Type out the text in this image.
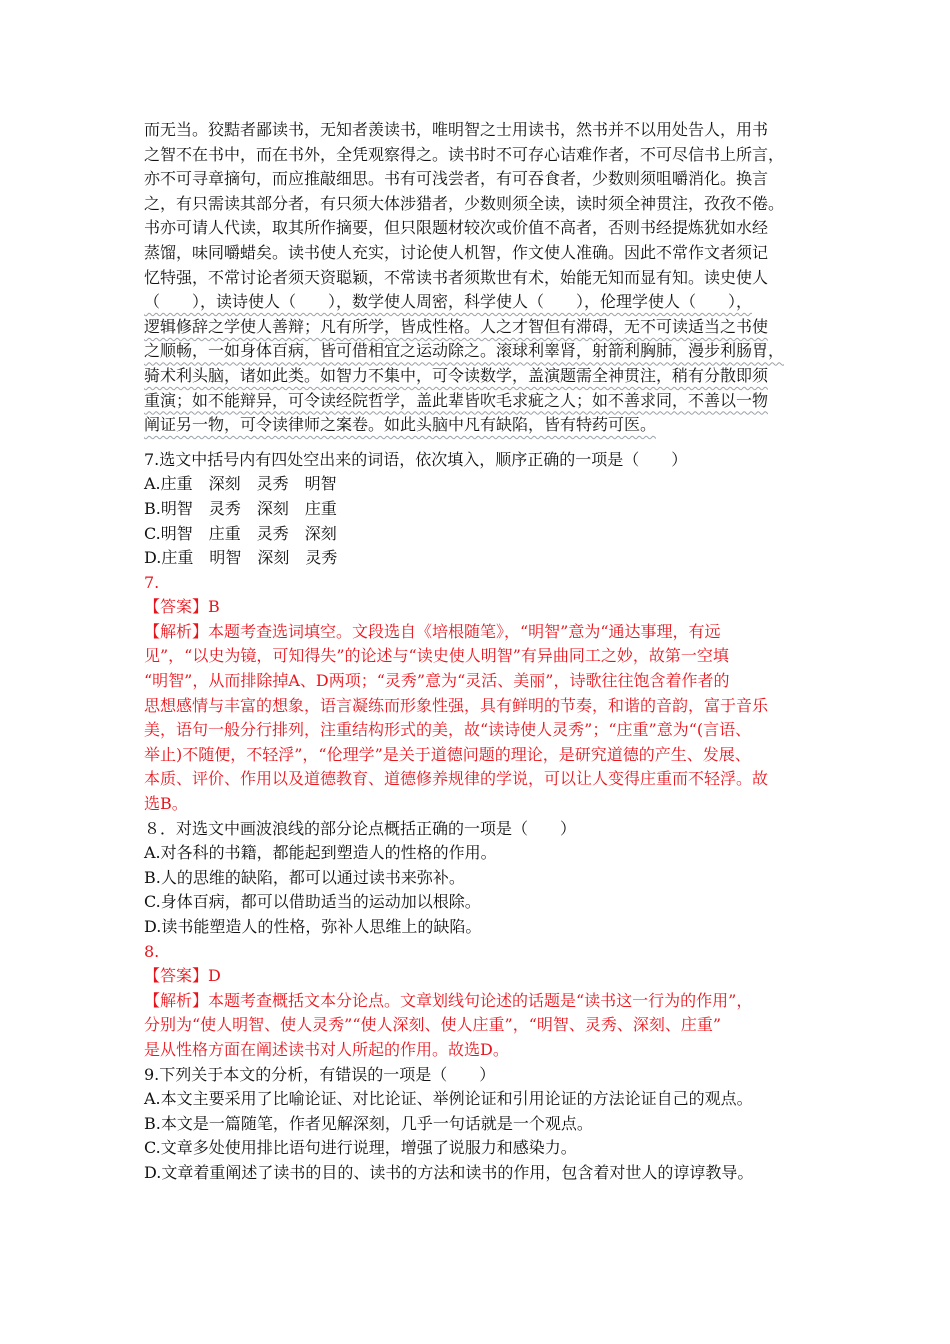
而无当。狡黠者鄙读书，无知者羡读书，唯明智之士用读书，然书并不以用处告人，用书
之智不在书中，而在书外，全凭观察得之。读书时不可存心诘难作者，不可尽信书上所言，
亦不可寻章摘句，而应推敲细思。书有可浅尝者，有可吞食者，少数则须咀嚼消化。换言
之，有只需读其部分者，有只须大体涉猎者，少数则须全读，读时须全神贯注，孜孜不倦。
书亦可请人代读，取其所作摘要，但只限题材较次或价值不高者，否则书经提炼犹如水经
蒸馏，味同嚼蜡矣。读书使人充实，讨论使人机智，作文使人准确。因此不常作文者须记
忆特强，不常讨论者须天资聪颖，不常读书者须欺世有术，始能无知而显有知。读史使人
（　　），读诗使人（　　），数学使人周密，科学使人（　　），伦理学使人（　　），
逻辑修辞之学使人善辩；凡有所学，皆成性格。人之才智但有滞碍，无不可读适当之书使
之顺畅，一如身体百病，皆可借相宜之运动除之。滚球利睾肾，射箭利胸肺，漫步利肠胃，
骑术利头脑，诸如此类。如智力不集中，可令读数学，盖演题需全神贯注，稍有分散即须
重演；如不能辩异，可令读经院哲学，盖此辈皆吹毛求疵之人；如不善求同，不善以一物
阐证另一物，可令读律师之案卷。如此头脑中凡有缺陷，皆有特药可医。
7.选文中括号内有四处空出来的词语，依次填入，顺序正确的一项是（　　）
A.庄重　深刻　灵秀　明智
B.明智　灵秀　深刻　庄重
C.明智　庄重　灵秀　深刻
D.庄重　明智　深刻　灵秀
7.
【答案】B
【解析】本题考查选词填空。文段选自《培根随笔》，“明智”意为“通达事理，有远
见”，“以史为镜，可知得失”的论述与“读史使人明智”有异曲同工之妙，故第一空填
“明智”，从而排除掉A、D两项；“灵秀”意为“灵活、美丽”，诗歌往往饱含着作者的
思想感情与丰富的想象，语言凝练而形象性强，具有鲜明的节奏，和谐的音韵，富于音乐
美，语句一般分行排列，注重结构形式的美，故“读诗使人灵秀”；“庄重”意为“(言语、
举止)不随便，不轻浮”，“伦理学”是关于道德问题的理论，是研究道德的产生、发展、
本质、评价、作用以及道德教育、道德修养规律的学说，可以让人变得庄重而不轻浮。故
选B。
８．对选文中画波浪线的部分论点概括正确的一项是（　　）
A.对各科的书籍，都能起到塑造人的性格的作用。
B.人的思维的缺陷，都可以通过读书来弥补。
C.身体百病，都可以借助适当的运动加以根除。
D.读书能塑造人的性格，弥补人思维上的缺陷。
8.
【答案】D
【解析】本题考查概括文本分论点。文章划线句论述的话题是“读书这一行为的作用”，
分别为“使人明智、使人灵秀”“使人深刻、使人庄重”，“明智、灵秀、深刻、庄重”
是从性格方面在阐述读书对人所起的作用。故选D。
9.下列关于本文的分析，有错误的一项是（　　）
A.本文主要采用了比喻论证、对比论证、举例论证和引用论证的方法论证自己的观点。
B.本文是一篇随笔，作者见解深刻，几乎一句话就是一个观点。
C.文章多处使用排比语句进行说理，增强了说服力和感染力。
D.文章着重阐述了读书的目的、读书的方法和读书的作用，包含着对世人的谆谆教导。
